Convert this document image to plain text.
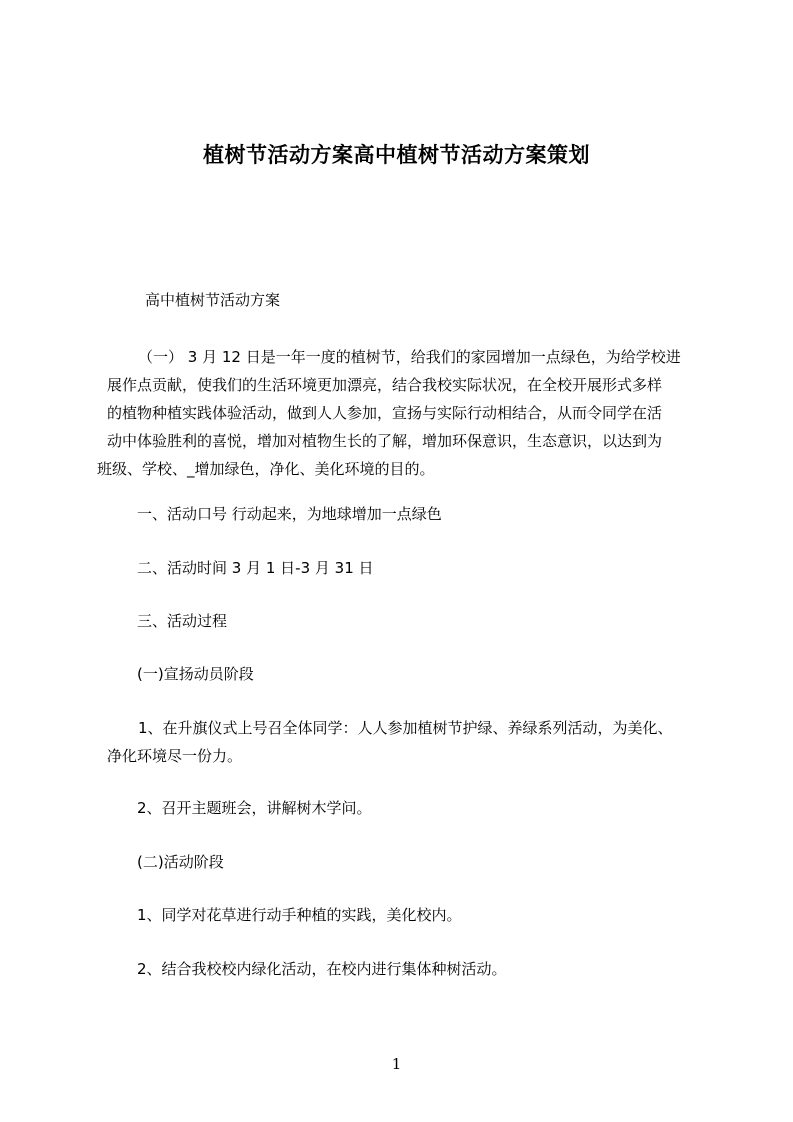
植树节活动方案高中植树节活动方案策划
高中植树节活动方案
（一） 3 月 12 日是一年一度的植树节，给我们的家园增加一点绿色，为给学校进
展作点贡献，使我们的生活环境更加漂亮，结合我校实际状况，在全校开展形式多样
的植物种植实践体验活动，做到人人参加，宣扬与实际行动相结合，从而令同学在活
动中体验胜利的喜悦，增加对植物生长的了解，增加环保意识，生态意识，以达到为
班级、学校、_增加绿色，净化、美化环境的目的。
一、活动口号 行动起来，为地球增加一点绿色
二、活动时间 3 月 1 日-3 月 31 日
三、活动过程
(一)宣扬动员阶段
1、在升旗仪式上号召全体同学：人人参加植树节护绿、养绿系列活动，为美化、
净化环境尽一份力。
2、召开主题班会，讲解树木学问。
(二)活动阶段
1、同学对花草进行动手种植的实践，美化校内。
2、结合我校校内绿化活动，在校内进行集体种树活动。
1
